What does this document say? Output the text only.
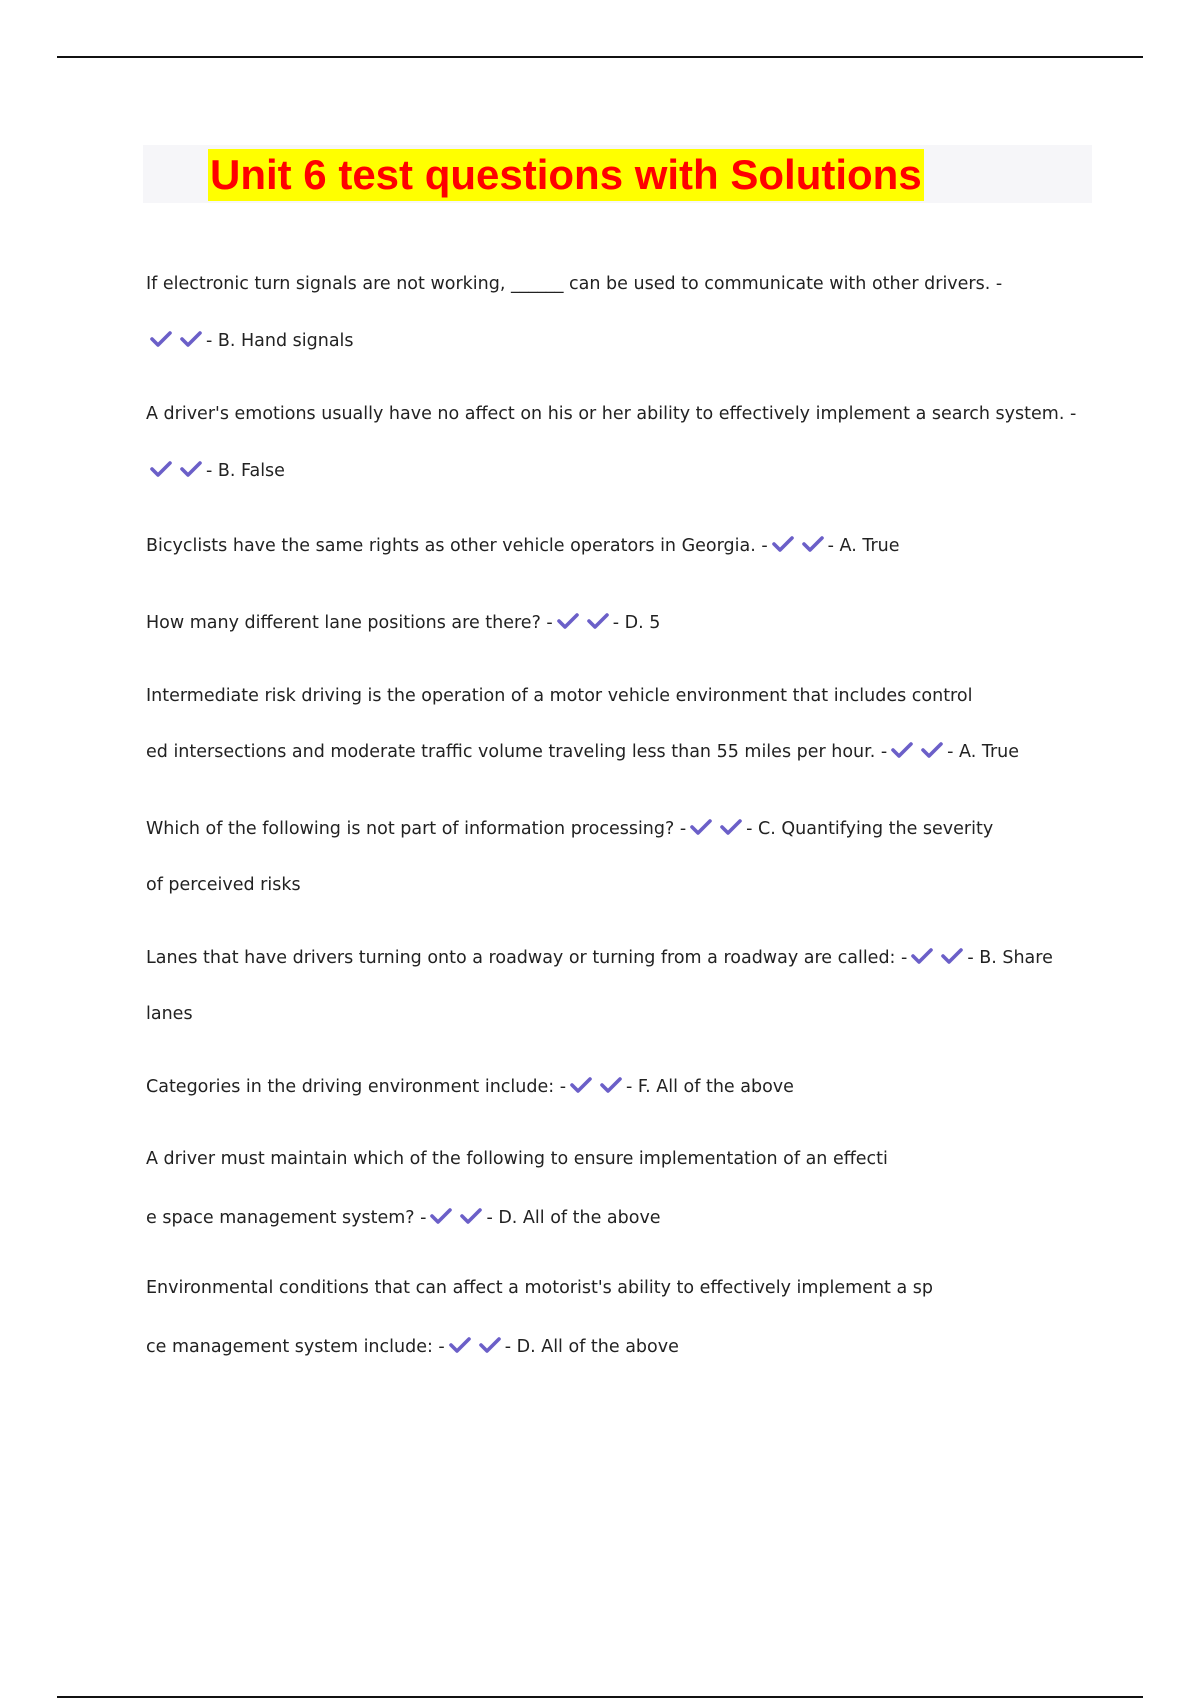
Unit 6 test questions with Solutions
If electronic turn signals are not working, ______ can be used to communicate with other drivers. -
- B. Hand signals
A driver's emotions usually have no affect on his or her ability to effectively implement a search system. -
- B. False
Bicyclists have the same rights as other vehicle operators in Georgia. -	- A. True
How many different lane positions are there? -	- D. 5
Intermediate risk driving is the operation of a motor vehicle environment that includes control
ed intersections and moderate traffic volume traveling less than 55 miles per hour. -	- A. True
Which of the following is not part of information processing? -	- C. Quantifying the severity
of perceived risks
Lanes that have drivers turning onto a roadway or turning from a roadway are called: -	- B. Share
lanes
Categories in the driving environment include: -	- F. All of the above
A driver must maintain which of the following to ensure implementation of an effecti
e space management system? -	- D. All of the above
Environmental conditions that can affect a motorist's ability to effectively implement a sp
ce management system include: -	- D. All of the above
